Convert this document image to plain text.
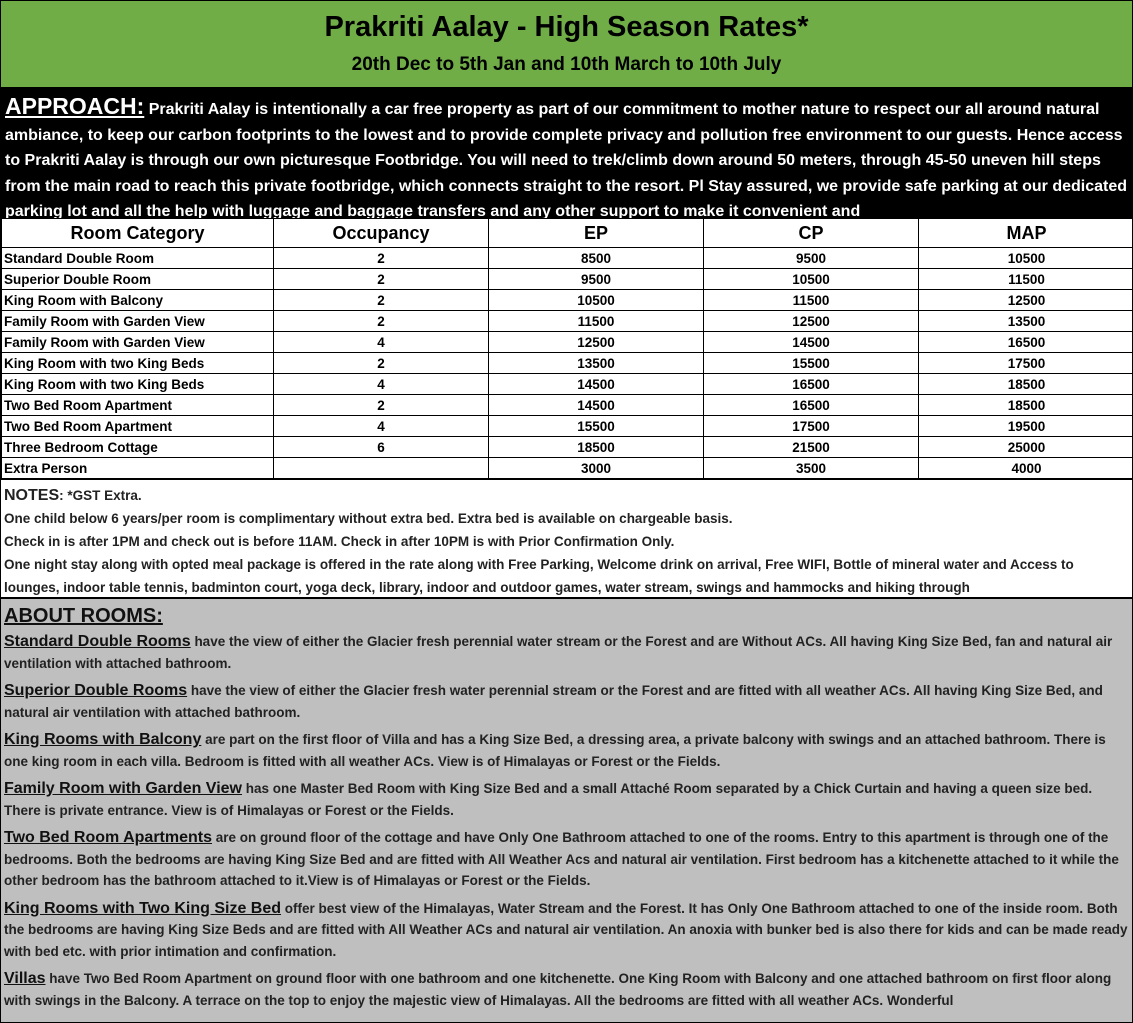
Prakriti Aalay - High Season Rates*
20th Dec to 5th Jan and 10th March to 10th July
APPROACH: Prakriti Aalay is intentionally a car free property as part of our commitment to mother nature to respect our all around natural ambiance, to keep our carbon footprints to the lowest and to provide complete privacy and pollution free environment to our guests. Hence access to Prakriti Aalay is through our own picturesque Footbridge. You will need to trek/climb down around 50 meters, through 45-50 uneven hill steps from the main road to reach this private footbridge, which connects straight to the resort. Pl Stay assured, we provide safe parking at our dedicated parking lot and all the help with luggage and baggage transfers and any other support to make it convenient and
Room Category	Occupancy	EP	CP	MAP
Standard Double Room	2	8500	9500	10500
Superior Double Room	2	9500	10500	11500
King Room with Balcony	2	10500	11500	12500
Family Room with Garden View	2	11500	12500	13500
Family Room with Garden View	4	12500	14500	16500
King Room with two King Beds	2	13500	15500	17500
King Room with two King Beds	4	14500	16500	18500
Two Bed Room Apartment	2	14500	16500	18500
Two Bed Room Apartment	4	15500	17500	19500
Three Bedroom Cottage	6	18500	21500	25000
Extra Person		3000	3500	4000
NOTES: *GST Extra.
One child below 6 years/per room is complimentary without extra bed. Extra bed is available on chargeable basis.
Check in is after 1PM and check out is before 11AM. Check in after 10PM is with Prior Confirmation Only.
One night stay along with opted meal package is offered in the rate along with Free Parking, Welcome drink on arrival, Free WIFI, Bottle of mineral water and Access to lounges, indoor table tennis, badminton court, yoga deck, library, indoor and outdoor games, water stream, swings and hammocks and hiking through
ABOUT ROOMS:
Standard Double Rooms have the view of either the Glacier fresh perennial water stream or the Forest and are Without ACs. All having King Size Bed, fan and natural air ventilation with attached bathroom.
Superior Double Rooms have the view of either the Glacier fresh water perennial stream or the Forest and are fitted with all weather ACs. All having King Size Bed, and natural air ventilation with attached bathroom.
King Rooms with Balcony are part on the first floor of Villa and has a King Size Bed, a dressing area, a private balcony with swings and an attached bathroom. There is one king room in each villa. Bedroom is fitted with all weather ACs. View is of Himalayas or Forest or the Fields.
Family Room with Garden View has one Master Bed Room with King Size Bed and a small Attaché Room separated by a Chick Curtain and having a queen size bed. There is private entrance. View is of Himalayas or Forest or the Fields.
Two Bed Room Apartments are on ground floor of the cottage and have Only One Bathroom attached to one of the rooms. Entry to this apartment is through one of the bedrooms. Both the bedrooms are having King Size Bed and are fitted with All Weather Acs and natural air ventilation. First bedroom has a kitchenette attached to it while the other bedroom has the bathroom attached to it.View is of Himalayas or Forest or the Fields.
King Rooms with Two King Size Bed offer best view of the Himalayas, Water Stream and the Forest. It has Only One Bathroom attached to one of the inside room. Both the bedrooms are having King Size Beds and are fitted with All Weather ACs and natural air ventilation. An anoxia with bunker bed is also there for kids and can be made ready with bed etc. with prior intimation and confirmation.
Villas have Two Bed Room Apartment on ground floor with one bathroom and one kitchenette. One King Room with Balcony and one attached bathroom on first floor along with swings in the Balcony. A terrace on the top to enjoy the majestic view of Himalayas. All the bedrooms are fitted with all weather ACs. Wonderful
